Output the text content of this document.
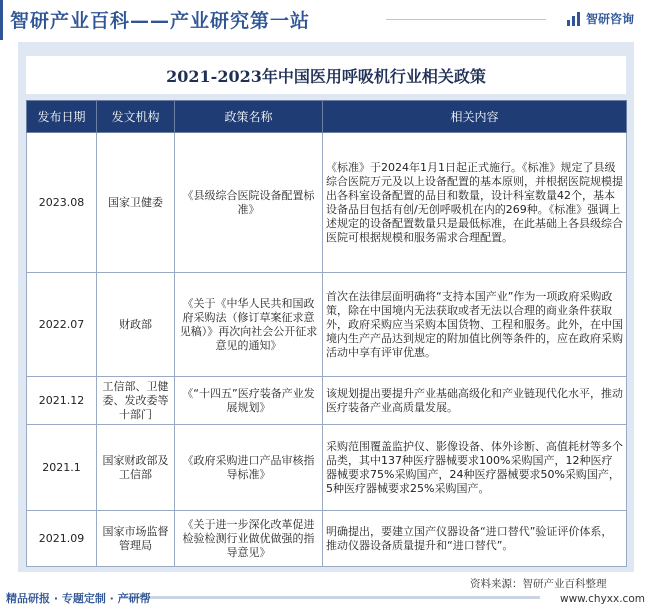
智研产业百科——产业研究第一站	智研咨询
2021-2023年中国医用呼吸机行业相关政策
发布日期	发文机构	政策名称	相关内容
2023.08	国家卫健委	《县级综合医院设备配置标准》	《标准》于2024年1月1日起正式施行。《标准》规定了县级综合医院万元及以上设备配置的基本原则，并根据医院规模提出各科室设备配置的品目和数量，设计科室数量42个，基本设备品目包括有创/无创呼吸机在内的269种。《标准》强调上述规定的设备配置数量只是最低标准，在此基础上各县级综合医院可根据规模和服务需求合理配置。
2022.07	财政部	《关于《中华人民共和国政府采购法（修订草案征求意见稿）》再次向社会公开征求意见的通知》	首次在法律层面明确将“支持本国产业”作为一项政府采购政策，除在中国境内无法获取或者无法以合理的商业条件获取外，政府采购应当采购本国货物、工程和服务。此外，在中国境内生产产品达到规定的附加值比例等条件的，应在政府采购活动中享有评审优惠。
2021.12	工信部、卫健委、发改委等十部门	《“十四五”医疗装备产业发展规划》	该规划提出要提升产业基础高级化和产业链现代化水平，推动医疗装备产业高质量发展。
2021.1	国家财政部及工信部	《政府采购进口产品审核指导标准》	采购范围覆盖监护仪、影像设备、体外诊断、高值耗材等多个品类，其中137种医疗器械要求100%采购国产，12种医疗器械要求75%采购国产，24种医疗器械要求50%采购国产，5种医疗器械要求25%采购国产。
2021.09	国家市场监督管理局	《关于进一步深化改革促进检验检测行业做优做强的指导意见》	明确提出，要建立国产仪器设备“进口替代”验证评价体系，推动仪器设备质量提升和“进口替代”。
精品研报 · 专题定制 · 产研帮
资料来源：智研产业百科整理
www.chyxx.com
